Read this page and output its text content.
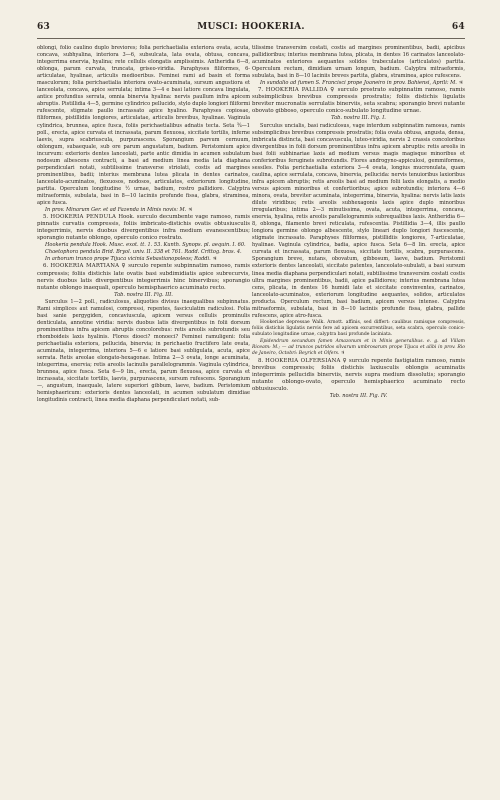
63	MUSCI: HOOKERIA.	64

oblongi, folio caulino duplo breviores; folia perichaetialia exteriora ovata, acuta, concava, subhyalina, interiora 3—6, subsulcata, lata ovata, obtusa, concava, integerrima enervia, hyalina; rete cellulis elongatis amplissimis. Antheridia 6—8, oblonga, parum curvata, truncata, griseo-viridia. Paraphyses filiformes, 6-articulatae, hyalinae, articulis medioeribus. Feminei rami ad basin et forma masculorum; folia perichaetialia interiora ovato-acuminata, sursum angustiora et lanceolata, concava, apice serrulata; intima 3—4 e basi latiore concava lingulata, antice profundius serrata, omnia binervia hyalina: nervis paullum infra apicem abruptis. Pistillidia 4—5, germine cylindrico pellucido, stylo duplo longiori filiformi rufescente, stigmate paullo incrassato apice hyalino. Paraphyses copiosae, filiformes, pistillidiis longiores, articulatae, articulis brevibus, hyalinae. Vaginula cylindrica, brunnea, apice fusca, foliis perichaetialibus adnatis tecta. Seta ¾—1 poll., erecta, apice curvata et incrassata, parum flexuosa, siccitate tortilis, inferne laevis, supra scabriuscula, purpurascens. Sporangium parvum cernuum, oblongum, subaequale, sub ore parum angustatum, badium. Peristomium apice incurvum: exterioris dentes lanceolati, parte antic dimidia in acumen subulatum nodosum albescens contracti, a basi ad medium linea media lata diaphana perpendiculari notati, subtilissime transverse striolati, costis ad margines prominentibus, badii; interius membrana lutea plicata in dentes carinatos, lanceolato-acuminatos, flexuosos, nodosos, articulatos, exteriorum longitudine, partita. Operculum longitudine ½ urnae, badium, rostro pallidiore. Calyptra mitraeformis, subulata, basi in 8—10 laciniis profunde fissa, glabra, straminea, apice fusca.

In prov. Minarum Ger. et ad Fazenda in Minis novis: M. ♃

5. HOOKERIA PENDULA Hook. surculo decumbente vage ramoso, ramis pinnatis curvatis compressis, foliis imbricato-distichis ovatis obtusiusculis integerrimis, nervis duobus divergentibus infra medium evanescentibus; sporangio nutante oblongo, operculo conico rostrato.

Hookeria pendula Hook. Musc. exot. tt. 1. 53. Kunth. Synops. pl. aequin. I. 60.

Chaetophora pendula Brid. Bryol. univ. II. 338 et 761. Radd. Crittog. bras. 4.

In arborum trunco prope Tijuca vicinia Sebastianopoleos; Raddi. ♃

6. HOOKERIA MARTIANA ♀ surculo repente subpinnatim ramoso, ramis compressis; foliis distichis late ovatis basi subdimidiatis apice subrecurvis, nervis duobus latis divergentibus integerrimis hinc binervibus; sporangio nutante oblongo inaequali, operculo hemisphaerico acuminato recto.

Tab. nostra III. Fig. III.

Surculus 1—2 poll., radiculosus, aliquoties divisus inaequalibus subpinnatus. Rami simplices aut ramulosi, compressi, repentes, fasciculatim radiculosi. Folia basi sanie pergygiden, concaviuscula, apicem versus cellulis prominulis denticulata, annotine viridia: nervis duobus latis divergentibus in folii dorsum prominentibus infra apicem abruptis concolorebus: retis areolis subrotundis seu rhomboideis laxis hyalinis. Flores dioeci? monoeci? Feminei ramuligeni: folia perichaetialia exteriora, pellucida, binervia; in perichaetio fructifero late ovata, acuminata, integerrima, interiora 5—6 e latiore basi subligulata, acuta, apice serrata. Retis areolae elongato-hexagonae. Intima 2—3 ovata, longe acuminata, integerrima, enervia; retis areolis lacinulis parallelogrammis. Vaginula cylindrica, brunnea, apice fusca. Seta 6—9 lin., erecta, parum flexuosa, apice curvata et incrassata, siccitate tortilis, laevis, purpurascens, sursum rufescens. Sporangium —, angustum, inaequale, latere superiori gibbum, laeve, badium. Peristomium hemisphaericum: exterioris dentes lanceolati, in acumen subulatum dimidiae longitudinis contracti, linea media diaphana perpendiculari notati, sub-

tilissime transversim costati, costis ad margines prominentibus, badii, apicibus pallidioribus; interius membrana lutea, plicata, in dentes 16 carinatos lanceolato-acuminatos exteriores aequantes solidos trabeculatos (articulatos) partita. Operculum rectum, dimidiam urnam longum, badium. Calyptra mitraeformis, subulata, basi in 8—10 laciniis breves partita, glabra, straminea, apice rufescens.

In sundalio ad fumen S. Francisci prope Joaneiro in prov. Bahiensi, Aprili: M. ♃

7. HOOKERIA PALLIDA ♀ surculo prostrato subpinnatim ramoso, ramis subsimplicibus brevibus compressis prostratis; foliis distichis ligulatis breviter mucronatis serrulatis binerviis, seta scabra; sporangio brevi nutante obovato gibboso, operculo conico-subulato longitudine urnae.

Tab. nostra III. Fig. I.

Surculus uncialis, basi radiculosus, vage interdum subpinnatim ramosus, ramis subsimplicibus brevibus compressis prostratis; folia ovata obtusa, angusta, densa, imbricata distincta, basi concavuscula, luteo-viridia, nervis 2 crassis concoloribus divergentibus in folii dorsum prominentibus infra apicem abruptis: retis areolis in basi folii subhinariae laxis ad medium versus magis magisque minoribus et conferioribus ferugineis subrotundis. Flores androgyno-appiculosi, gemmiformes, sessiles. Folia perichaetialia exteriora 3—4 ovata, longius mucronulata, quam caulina, apice serrulata, concava, binervia, pellucida: nervis tenuioribus laxioribus infra apicem abruptis; retis areolis basi ad medium folii laxis elongatis, a medio versus apicem minoribus et confertioribus; apice subrotundis; interiora 4—6 minora, ovata, breviter acuminata, integerrima, binervia, hyalina: nervis latis laxis dilute viridibus; retis areolis subhexagonis laxis apice duplo minoribus irregularibus; intima 2—3 minutissima, ovata, acuta, integerrima, concava, enervia, hyalina, retis areolis parallelogrammis subrequalibus laxis. Antheridia 6—8, oblonga, filamento brevi reticulata, rufescentia. Pistillidia 3—4, illis paullo longiora germine oblongo albescente, stylo lineari duplo longiori fuscescente, stigmate incrassato. Paraphyses filiformes, pistillidiis longiores, 7-articulatae, hyalinae. Vaginula cylindrica, badia, apice fusca. Seta 6—8 lin. erecta, apice curvata et incrassata, parum flexuosa, siccitate tortilis, scabra, purpurascens. Sporangium breve, nutans, obovatum, gibbosum, laeve, badium. Peristomii exterioris dentes lanceolati, siccitate patentes, lanceolato-subulati, a basi sursum linea media diaphana perpendiculari notati, subtilissime transversim costati costis ultra margines prominentibus, badii, apice pallidiores; interius membrana lutea cens, plicata, in dentes 16 humidi late et siccitate convinventes, carinatos, lanceolato-acuminatos, exteriorum longitudine aequantes, solidos, articulatos producta. Operculum rectum, basi badium, apicem versus intense. Calyptra mitraeformis, subulata, basi in 8—10 laciniis profunde fissa, glabra, pallide rufescens, apice atro-fusca.

Hookeriae depressae Walk. Arnott. affinis, sed differt: caulibus ramisque compressis, foliis distichis ligulatis nervis fere ad apicem excurrentibus, seta scabra, operculo conico-subulato longitudine urnae, calyptra basi profunde laciniata.

Epidendrum secundum famen Amazonum et in Minis generalibus. e. g. ad Villam Riceam: M.; — ad truncos putridos silvarum umbrosarum prope Tijuca et alibi in prov. Rio de Janeiro, Octobri: Beyrich et Olfers. ♃

8. HOOKERIA OLFERSIANA ♀ surculo repente fastigiatim ramoso, ramis brevibus compressis; foliis distichis laxiusculis oblongis acuminatis integerrimis pellucidis binerviis, nervis supra medium dissolutis; sporangio nutante oblongo-ovato, operculo hemisphaerico acuminato recto obtusiusculo.

Tab. nostra III. Fig. IV.
